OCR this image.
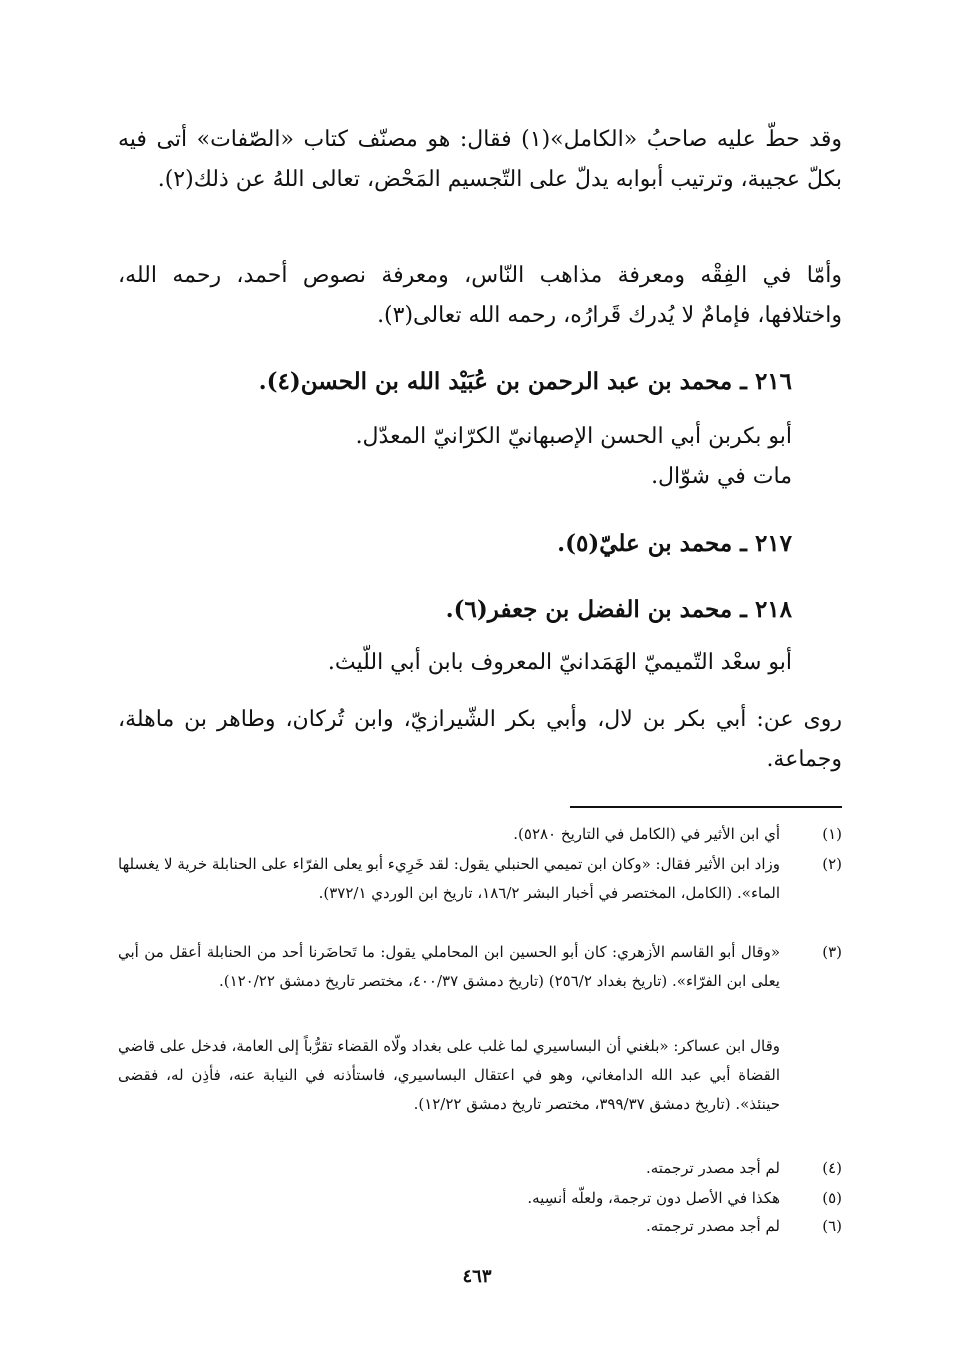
وقد حطّ عليه صاحبُ «الكامل»(١) فقال: هو مصنّف كتاب «الصّفات» أتى فيه بكلّ عجيبة، وترتيب أبوابه يدلّ على التّجسيم المَحْض، تعالى اللهُ عن ذلك(٢).

وأمّا في الفِقْه ومعرفة مذاهب النّاس، ومعرفة نصوص أحمد، رحمه الله، واختلافها، فإمامٌ لا يُدرك قَرارُه، رحمه الله تعالى(٣).

٢١٦ ـ محمد بن عبد الرحمن بن عُبَيْد الله بن الحسن(٤).

أبو بكربن أبي الحسن الإصبهانيّ الكرّانيّ المعدّل.

مات في شوّال.

٢١٧ ـ محمد بن عليّ(٥).

٢١٨ ـ محمد بن الفضل بن جعفر(٦).

أبو سعْد التّميميّ الهَمَدانيّ المعروف بابن أبي اللّيث.

روى عن: أبي بكر بن لال، وأبي بكر الشّيرازيّ، وابن تُركان، وطاهر بن ماهلة، وجماعة.

(١)
أي ابن الأثير في (الكامل في التاريخ ٥٢٨٠).
(٢)
وزاد ابن الأثير فقال: «وكان ابن تميمي الحنبلي يقول: لقد خَرِيء أبو يعلى الفرّاء على الحنابلة خرية لا يغسلها الماء». (الكامل، المختصر في أخبار البشر ١٨٦/٢، تاريخ ابن الوردي ٣٧٢/١).
(٣)
«وقال أبو القاسم الأزهري: كان أبو الحسين ابن المحاملي يقول: ما تَحاضَرنا أحد من الحنابلة أعقل من أبي يعلى ابن الفرّاء». (تاريخ بغداد ٢٥٦/٢) (تاريخ دمشق ٤٠٠/٣٧، مختصر تاريخ دمشق ١٢٠/٢٢).
وقال ابن عساكر: «بلغني أن البساسيري لما غلب على بغداد ولّاه القضاء تقرُّباً إلى العامة، فدخل على قاضي القضاة أبي عبد الله الدامغاني، وهو في اعتقال البساسيري، فاستأذنه في النيابة عنه، فأذِن له، فقضى حينئذ». (تاريخ دمشق ٣٩٩/٣٧، مختصر تاريخ دمشق ١٢/٢٢).
(٤)
لم أجد مصدر ترجمته.
(٥)
هكذا في الأصل دون ترجمة، ولعلّه أنسِيه.
(٦)
لم أجد مصدر ترجمته.
٤٦٣
